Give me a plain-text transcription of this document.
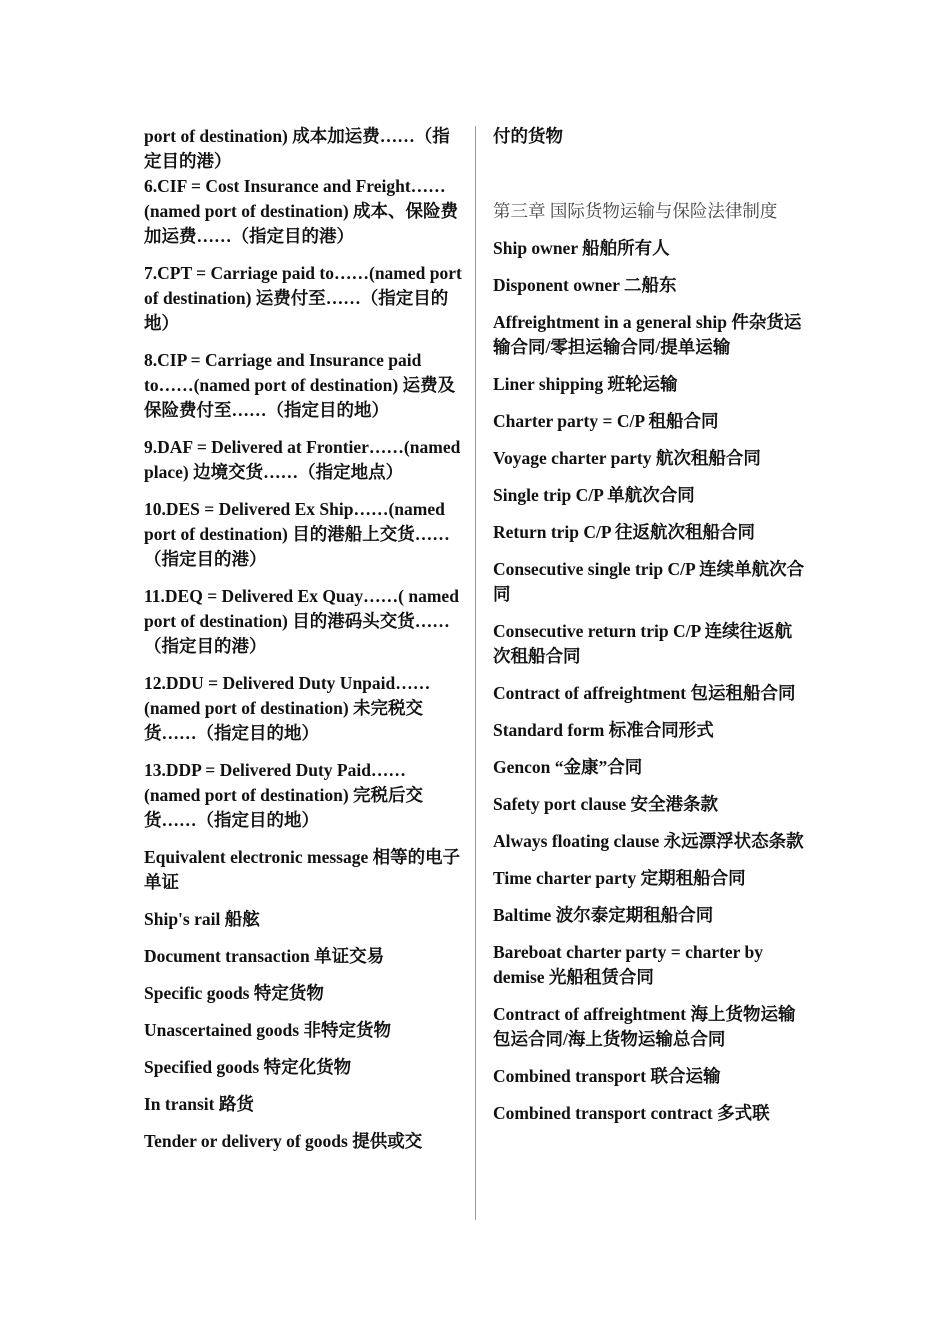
port of destination) 成本加运费……（指定目的港）

6.CIF = Cost Insurance and Freight……(named port of destination) 成本、保险费加运费……（指定目的港）

7.CPT = Carriage paid to……(named port of destination) 运费付至……（指定目的地）

8.CIP = Carriage and Insurance paid to……(named port of destination) 运费及保险费付至……（指定目的地）

9.DAF = Delivered at Frontier……(named place) 边境交货……（指定地点）

10.DES = Delivered Ex Ship……(named port of destination) 目的港船上交货……（指定目的港）

11.DEQ = Delivered Ex Quay……( named port of destination) 目的港码头交货……（指定目的港）

12.DDU = Delivered Duty Unpaid……(named port of destination) 未完税交货……（指定目的地）

13.DDP = Delivered Duty Paid……(named port of destination) 完税后交货……（指定目的地）

Equivalent electronic message 相等的电子单证

Ship's rail 船舷

Document transaction 单证交易

Specific goods 特定货物

Unascertained goods 非特定货物

Specified goods 特定化货物

In transit 路货

Tender or delivery of goods 提供或交

付的货物

第三章 国际货物运输与保险法律制度

Ship owner 船舶所有人

Disponent owner 二船东

Affreightment in a general ship 件杂货运输合同/零担运输合同/提单运输

Liner shipping 班轮运输

Charter party = C/P 租船合同

Voyage charter party 航次租船合同

Single trip C/P 单航次合同

Return trip C/P 往返航次租船合同

Consecutive single trip C/P 连续单航次合同

Consecutive return trip C/P 连续往返航次租船合同

Contract of affreightment 包运租船合同

Standard form 标准合同形式

Gencon “金康”合同

Safety port clause 安全港条款

Always floating clause 永远漂浮状态条款

Time charter party 定期租船合同

Baltime 波尔泰定期租船合同

Bareboat charter party = charter by demise 光船租赁合同

Contract of affreightment 海上货物运输包运合同/海上货物运输总合同

Combined transport 联合运输

Combined transport contract 多式联
